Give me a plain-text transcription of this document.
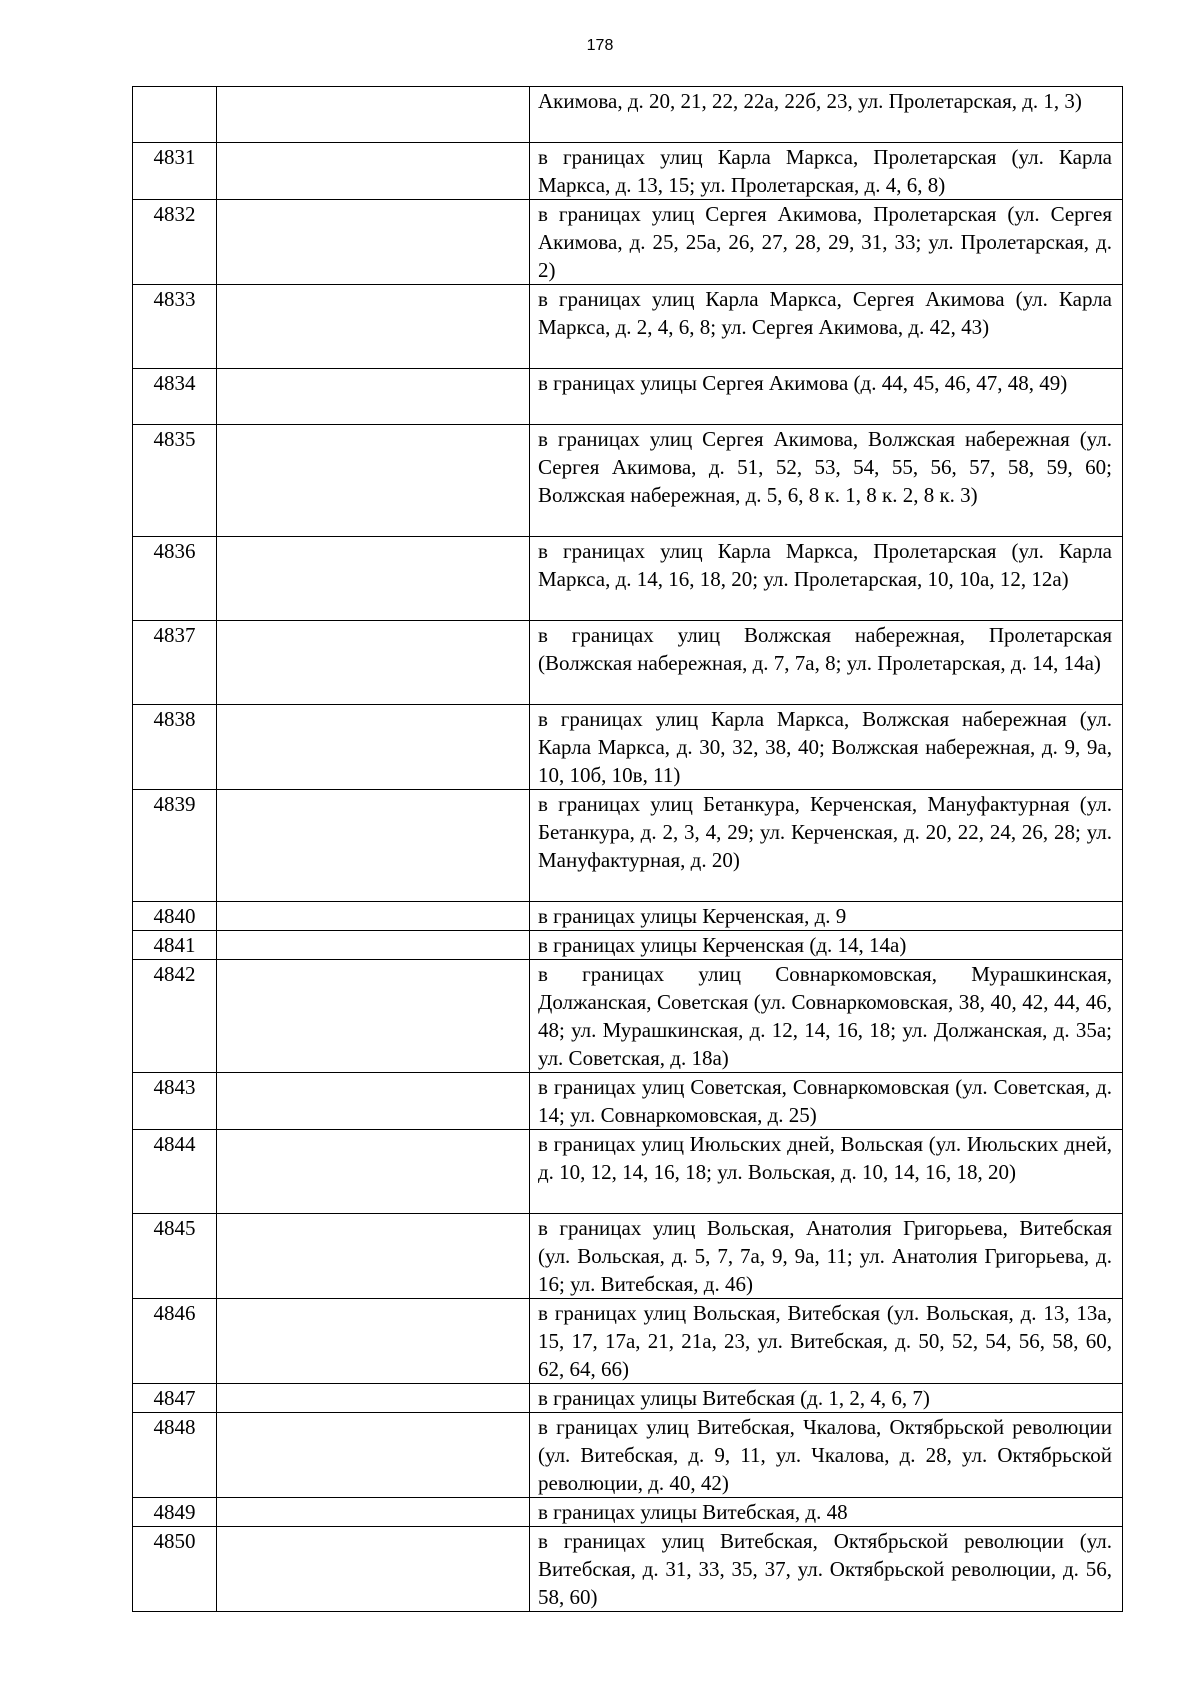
178

		Акимова, д. 20, 21, 22, 22а, 22б, 23, ул. Пролетарская, д. 1, 3)

4831		в границах улиц Карла Маркса, Пролетарская (ул. Карла Маркса, д. 13, 15; ул. Пролетарская, д. 4, 6, 8)

4832		в границах улиц Сергея Акимова, Пролетарская (ул. Сергея Акимова, д. 25, 25а, 26, 27, 28, 29, 31, 33; ул. Пролетарская, д. 2)

4833		в границах улиц Карла Маркса, Сергея Акимова (ул. Карла Маркса, д. 2, 4, 6, 8; ул. Сергея Акимова, д. 42, 43)

4834		в границах улицы Сергея Акимова (д. 44, 45, 46, 47, 48, 49)

4835		в границах улиц Сергея Акимова, Волжская набережная (ул. Сергея Акимова, д. 51, 52, 53, 54, 55, 56, 57, 58, 59, 60; Волжская набережная, д. 5, 6, 8 к. 1, 8 к. 2, 8 к. 3)

4836		в границах улиц Карла Маркса, Пролетарская (ул. Карла Маркса, д. 14, 16, 18, 20; ул. Пролетарская, 10, 10а, 12, 12а)

4837		в границах улиц Волжская набережная, Пролетарская (Волжская набережная, д. 7, 7а, 8; ул. Пролетарская, д. 14, 14а)

4838		в границах улиц Карла Маркса, Волжская набережная (ул. Карла Маркса, д. 30, 32, 38, 40; Волжская набережная, д. 9, 9а, 10, 10б, 10в, 11)

4839		в границах улиц Бетанкура, Керченская, Мануфактурная (ул. Бетанкура, д. 2, 3, 4, 29; ул. Керченская, д. 20, 22, 24, 26, 28; ул. Мануфактурная, д. 20)

4840		в границах улицы Керченская, д. 9

4841		в границах улицы Керченская (д. 14, 14а)

4842		в границах улиц Совнаркомовская, Мурашкинская, Должанская, Советская (ул. Совнаркомовская, 38, 40, 42, 44, 46, 48; ул. Мурашкинская, д. 12, 14, 16, 18; ул. Должанская, д. 35а; ул. Советская, д. 18а)

4843		в границах улиц Советская, Совнаркомовская (ул. Советская, д. 14; ул. Совнаркомовская, д. 25)

4844		в границах улиц Июльских дней, Вольская (ул. Июльских дней, д. 10, 12, 14, 16, 18; ул. Вольская, д. 10, 14, 16, 18, 20)

4845		в границах улиц Вольская, Анатолия Григорьева, Витебская (ул. Вольская, д. 5, 7, 7а, 9, 9а, 11; ул. Анатолия Григорьева, д. 16; ул. Витебская, д. 46)

4846		в границах улиц Вольская, Витебская (ул. Вольская, д. 13, 13а, 15, 17, 17а, 21, 21а, 23, ул. Витебская, д. 50, 52, 54, 56, 58, 60, 62, 64, 66)

4847		в границах улицы Витебская (д. 1, 2, 4, 6, 7)

4848		в границах улиц Витебская, Чкалова, Октябрьской революции (ул. Витебская, д. 9, 11, ул. Чкалова, д. 28, ул. Октябрьской революции, д. 40, 42)

4849		в границах улицы Витебская, д. 48

4850		в границах улиц Витебская, Октябрьской революции (ул. Витебская, д. 31, 33, 35, 37, ул. Октябрьской революции, д. 56, 58, 60)
